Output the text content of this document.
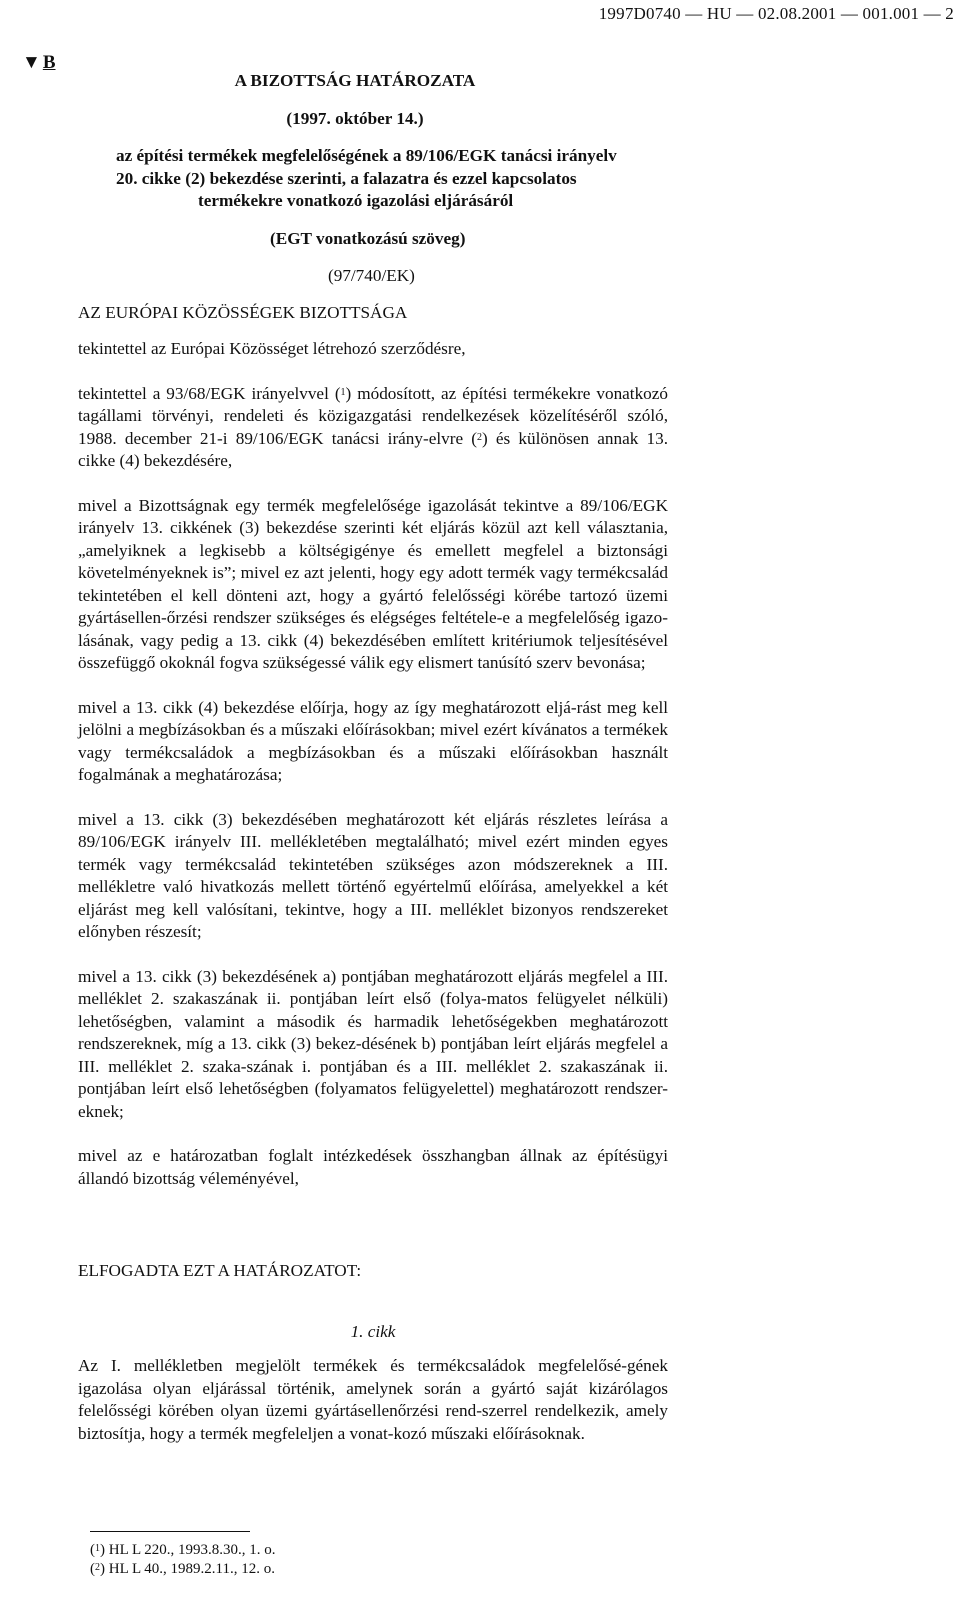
1997D0740 — HU — 02.08.2001 — 001.001 — 2
▼ B
A BIZOTTSÁG HATÁROZATA
(1997. október 14.)
az építési termékek megfelelőségének a 89/106/EGK tanácsi irányelv
20. cikke (2) bekezdése szerinti, a falazatra és ezzel kapcsolatos
termékekre vonatkozó igazolási eljárásáról
(EGT vonatkozású szöveg)
(97/740/EK)
AZ EURÓPAI KÖZÖSSÉGEK BIZOTTSÁGA

tekintettel az Európai Közösséget létrehozó szerződésre,

tekintettel a 93/68/EGK irányelvvel ($^1$) módosított, az építési termékekre vonatkozó tagállami törvényi, rendeleti és közigazgatási rendelkezések közelítéséről szóló, 1988. december 21-i 89/106/EGK tanácsi irány-elvre ($^2$) és különösen annak 13. cikke (4) bekezdésére,

mivel a Bizottságnak egy termék megfelelősége igazolását tekintve a 89/106/EGK irányelv 13. cikkének (3) bekezdése szerinti két eljárás közül azt kell választania, „amelyiknek a legkisebb a költségigénye és emellett megfelel a biztonsági követelményeknek is”; mivel ez azt jelenti, hogy egy adott termék vagy termékcsalád tekintetében el kell dönteni azt, hogy a gyártó felelősségi körébe tartozó üzemi gyártásellen-őrzési rendszer szükséges és elégséges feltétele-e a megfelelőség igazo-lásának, vagy pedig a 13. cikk (4) bekezdésében említett kritériumok teljesítésével összefüggő okoknál fogva szükségessé válik egy elismert tanúsító szerv bevonása;

mivel a 13. cikk (4) bekezdése előírja, hogy az így meghatározott eljá-rást meg kell jelölni a megbízásokban és a műszaki előírásokban; mivel ezért kívánatos a termékek vagy termékcsaládok a megbízásokban és a műszaki előírásokban használt fogalmának a meghatározása;

mivel a 13. cikk (3) bekezdésében meghatározott két eljárás részletes leírása a 89/106/EGK irányelv III. mellékletében megtalálható; mivel ezért minden egyes termék vagy termékcsalád tekintetében szükséges azon módszereknek a III. mellékletre való hivatkozás mellett történő egyértelmű előírása, amelyekkel a két eljárást meg kell valósítani, tekintve, hogy a III. melléklet bizonyos rendszereket előnyben részesít;

mivel a 13. cikk (3) bekezdésének a) pontjában meghatározott eljárás megfelel a III. melléklet 2. szakaszának ii. pontjában leírt első (folya-matos felügyelet nélküli) lehetőségben, valamint a második és harmadik lehetőségekben meghatározott rendszereknek, míg a 13. cikk (3) bekez-désének b) pontjában leírt eljárás megfelel a III. melléklet 2. szaka-szának i. pontjában és a III. melléklet 2. szakaszának ii. pontjában leírt első lehetőségben (folyamatos felügyelettel) meghatározott rendszer-eknek;

mivel az e határozatban foglalt intézkedések összhangban állnak az építésügyi állandó bizottság véleményével,

ELFOGADTA EZT A HATÁROZATOT:
1. cikk

Az I. mellékletben megjelölt termékek és termékcsaládok megfelelősé-gének igazolása olyan eljárással történik, amelynek során a gyártó saját kizárólagos felelősségi körében olyan üzemi gyártásellenőrzési rend-szerrel rendelkezik, amely biztosítja, hogy a termék megfeleljen a vonat-kozó műszaki előírásoknak.

($^1$) HL L 220., 1993.8.30., 1. o.
($^2$) HL L 40., 1989.2.11., 12. o.
